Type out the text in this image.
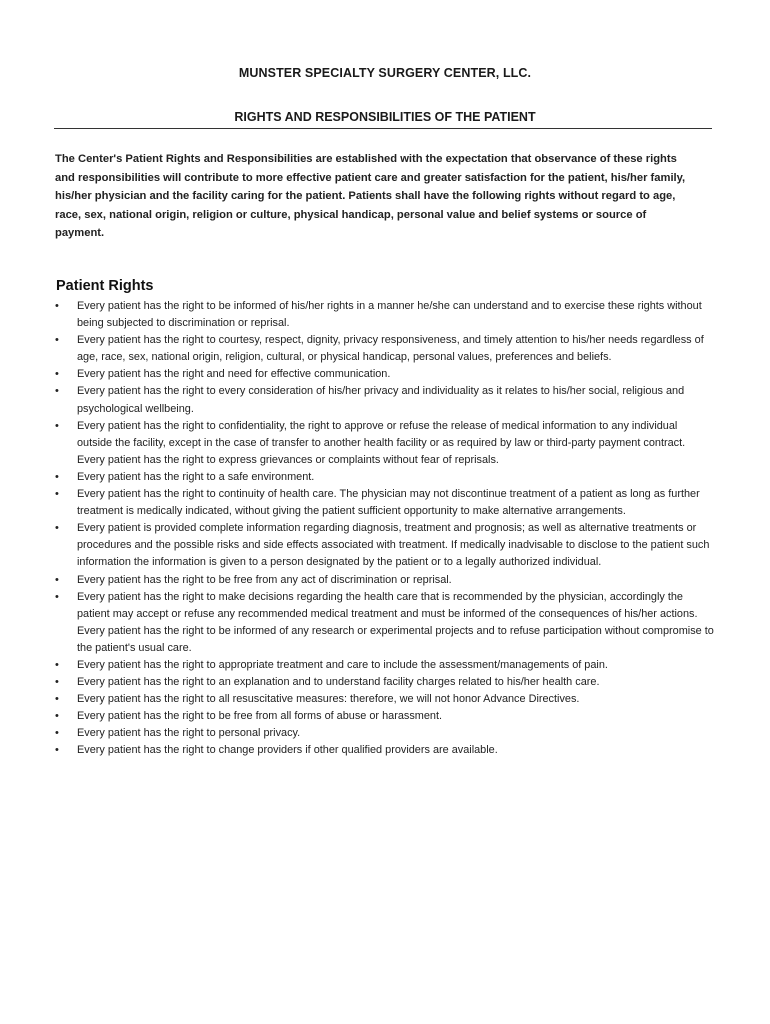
MUNSTER SPECIALTY SURGERY CENTER, LLC.
RIGHTS AND RESPONSIBILITIES OF THE PATIENT
The Center's Patient Rights and Responsibilities are established with the expectation that observance of these rights and responsibilities will contribute to more effective patient care and greater satisfaction for the patient, his/her family, his/her physician and the facility caring for the patient. Patients shall have the following rights without regard to age, race, sex, national origin, religion or culture, physical handicap, personal value and belief systems or source of payment.
Patient Rights
•	Every patient has the right to be informed of his/her rights in a manner he/she can understand and to exercise these rights without being subjected to discrimination or reprisal.
•	Every patient has the right to courtesy, respect, dignity, privacy responsiveness, and timely attention to his/her needs regardless of age, race, sex, national origin, religion, cultural, or physical handicap, personal values, preferences and beliefs.
•	Every patient has the right and need for effective communication.
•	Every patient has the right to every consideration of his/her privacy and individuality as it relates to his/her social, religious and psychological wellbeing.
•	Every patient has the right to confidentiality, the right to approve or refuse the release of medical information to any individual outside the facility, except in the case of transfer to another health facility or as required by law or third-party payment contract. Every patient has the right to express grievances or complaints without fear of reprisals.
•	Every patient has the right to a safe environment.
•	Every patient has the right to continuity of health care. The physician may not discontinue treatment of a patient as long as further treatment is medically indicated, without giving the patient sufficient opportunity to make alternative arrangements.
•	Every patient is provided complete information regarding diagnosis, treatment and prognosis; as well as alternative treatments or procedures and the possible risks and side effects associated with treatment. If medically inadvisable to disclose to the patient such information the information is given to a person designated by the patient or to a legally authorized individual.
•	Every patient has the right to be free from any act of discrimination or reprisal.
•	Every patient has the right to make decisions regarding the health care that is recommended by the physician, accordingly the patient may accept or refuse any recommended medical treatment and must be informed of the consequences of his/her actions. Every patient has the right to be informed of any research or experimental projects and to refuse participation without compromise to the patient's usual care.
•	Every patient has the right to appropriate treatment and care to include the assessment/managements of pain.
•	Every patient has the right to an explanation and to understand facility charges related to his/her health care.
•	Every patient has the right to all resuscitative measures: therefore, we will not honor Advance Directives.
•	Every patient has the right to be free from all forms of abuse or harassment.
•	Every patient has the right to personal privacy.
•	Every patient has the right to change providers if other qualified providers are available.
